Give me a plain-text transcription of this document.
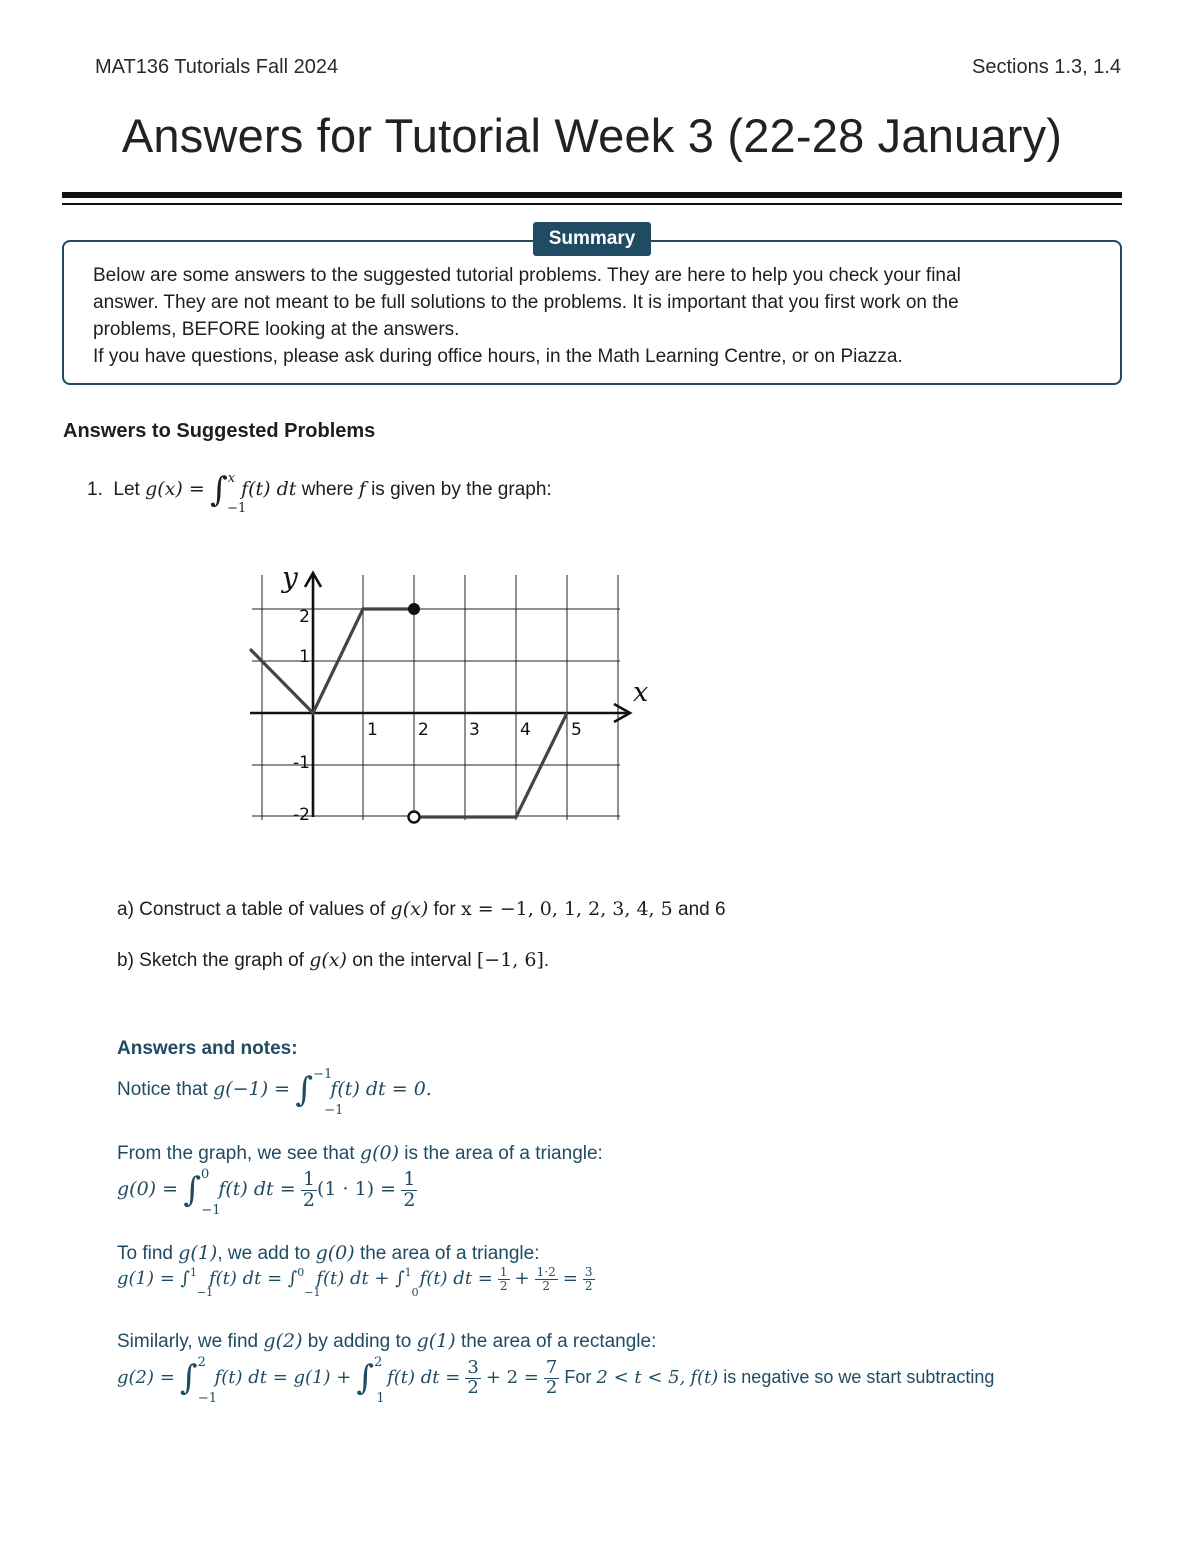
MAT136 Tutorials Fall 2024	Sections 1.3, 1.4
Answers for Tutorial Week 3 (22-28 January)
Summary
Below are some answers to the suggested tutorial problems. They are here to help you check your final
answer. They are not meant to be full solutions to the problems. It is important that you first work on the
problems, BEFORE looking at the answers.
If you have questions, please ask during office hours, in the Math Learning Centre, or on Piazza.
Answers to Suggested Problems
1. Let g(x) = ∫$^x_{-1}$ f(t) dt where f is given by the graph:
y
x
1 2 3 4 5
2
1
-1
-2
a) Construct a table of values of g(x) for x = −1, 0, 1, 2, 3, 4, 5 and 6
b) Sketch the graph of g(x) on the interval [−1, 6].
Answers and notes:
Notice that g(−1) = ∫$^{-1}_{-1}$ f(t) dt = 0.
From the graph, we see that g(0) is the area of a triangle:
g(0) = ∫$^0_{-1}$ f(t) dt = $\frac{1}{2} (1 \cdot 1) = \frac{1}{2}$
To find g(1), we add to g(0) the area of a triangle:
g(1) = ∫$^1_{-1}$ f(t) dt = ∫$^0_{-1}$ f(t) dt + ∫$^1_0$ f(t) dt = $\frac{1}{2} + \frac{1\cdot 2}{2} = \frac{3}{2}$
Similarly, we find g(2) by adding to g(1) the area of a rectangle:
g(2) = ∫$^2_{-1}$ f(t) dt = g(1) + ∫$^2_1$ f(t) dt = $\frac{3}{2} + 2 = \frac{7}{2}$ For 2 < t < 5, f(t) is negative so we start subtracting
